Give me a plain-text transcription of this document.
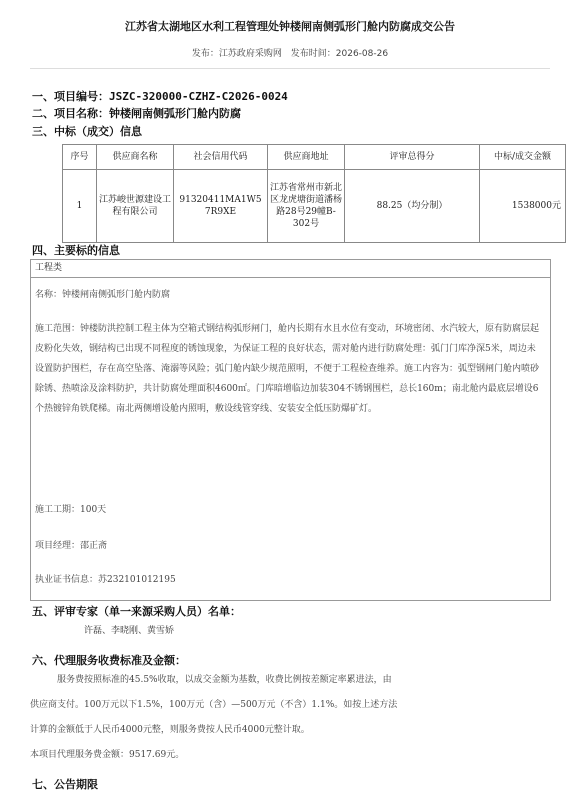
江苏省太湖地区水利工程管理处钟楼闸南侧弧形门舱内防腐成交公告
发布：江苏政府采购网 发布时间：2026-08-26
一、项目编号：JSZC-320000-CZHZ-C2026-0024
二、项目名称：钟楼闸南侧弧形门舱内防腐
三、中标（成交）信息
序号	供应商名称	社会信用代码	供应商地址	评审总得分	中标/成交金额
1	江苏峻世源建设工程有限公司	91320411MA1W57R9XE	江苏省常州市新北区龙虎塘街道潘杨路28号29幢B-302号	88.25（均分制）	1538000元
四、主要标的信息
工程类

名称：钟楼闸南侧弧形门舱内防腐

施工范围：钟楼防洪控制工程主体为空箱式钢结构弧形闸门，舱内长期有水且水位有变动，环境密闭、水汽较大，原有防腐层起皮粉化失效，钢结构已出现不同程度的锈蚀现象，为保证工程的良好状态，需对舱内进行防腐处理：弧门门库净深5米，周边未设置防护围栏，存在高空坠落、淹溺等风险；弧门舱内缺少规范照明，不便于工程检查维养。施工内容为：弧型钢闸门舱内喷砂除锈、热喷涂及涂料防护，共计防腐处理面积4600㎡。门库暗增临边加装304不锈钢围栏，总长160m；南北舱内最底层增设6个热镀锌角铁爬梯。南北两侧增设舱内照明，敷设线管穿线、安装安全低压防爆矿灯。

施工工期：100天

项目经理：邵正斋

执业证书信息：苏232101012195

五、评审专家（单一来源采购人员）名单：
许磊、李晓刚、黄雪娇
六、代理服务收费标准及金额：
服务费按照标准的45.5%收取，以成交金额为基数，收费比例按差额定率累进法，由
供应商支付。100万元以下1.5%，100万元（含）—500万元（不含）1.1%。如按上述方法
计算的金额低于人民币4000元整，则服务费按人民币4000元整计取。
本项目代理服务费金额：9517.69元。
七、公告期限
